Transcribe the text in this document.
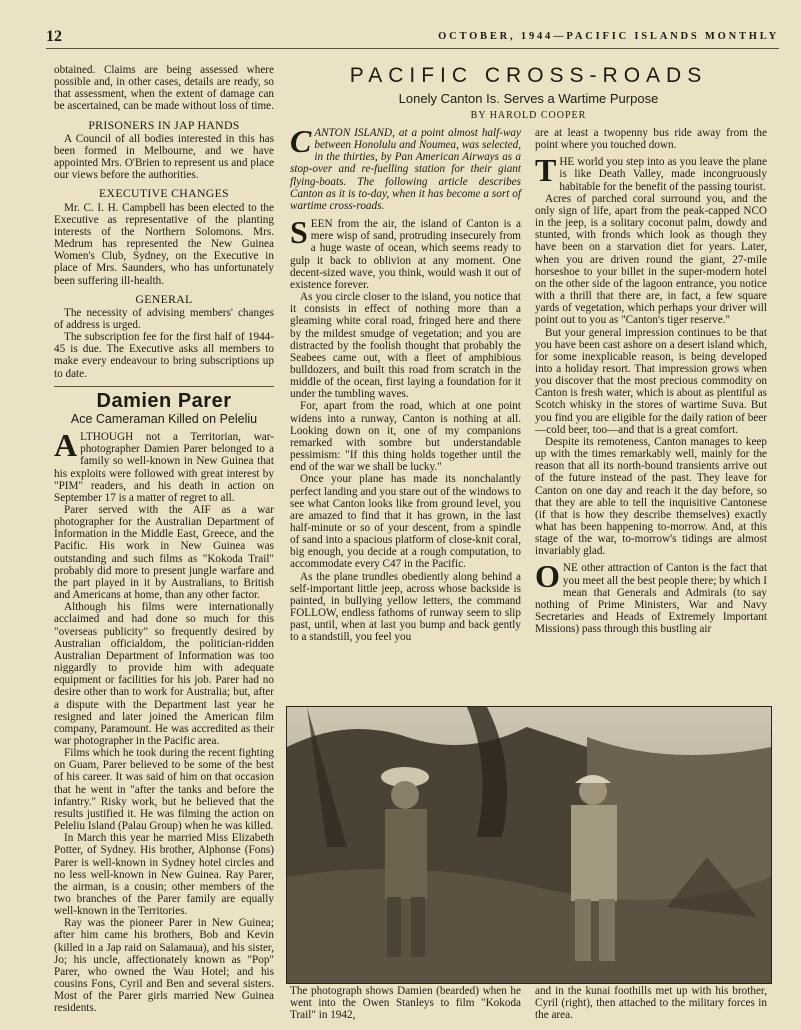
12	OCTOBER, 1944—PACIFIC ISLANDS MONTHLY

obtained. Claims are being assessed where possible and, in other cases, details are ready, so that assessment, when the extent of damage can be ascertained, can be made without loss of time.

PRISONERS IN JAP HANDS

A Council of all bodies interested in this has been formed in Melbourne, and we have appointed Mrs. O'Brien to represent us and place our views before the authorities.

EXECUTIVE CHANGES

Mr. C. I. H. Campbell has been elected to the Executive as representative of the planting interests of the Northern Solomons. Mrs. Medrum has represented the New Guinea Women's Club, Sydney, on the Executive in place of Mrs. Saunders, who has unfortunately been suffering ill-health.

GENERAL

The necessity of advising members' changes of address is urged.

The subscription fee for the first half of 1944-45 is due. The Executive asks all members to make every endeavour to bring subscriptions up to date.

Damien Parer
Ace Cameraman Killed on Peleliu

ALTHOUGH not a Territorian, war-photographer Damien Parer belonged to a family so well-known in New Guinea that his exploits were followed with great interest by "PIM" readers, and his death in action on September 17 is a matter of regret to all.

Parer served with the AIF as a war photographer for the Australian Department of Information in the Middle East, Greece, and the Pacific. His work in New Guinea was outstanding and such films as "Kokoda Trail" probably did more to present jungle warfare and the part played in it by Australians, to British and Americans at home, than any other factor.

Although his films were internationally acclaimed and had done so much for this "overseas publicity" so frequently desired by Australian officialdom, the politician-ridden Australian Department of Information was too niggardly to provide him with adequate equipment or facilities for his job. Parer had no desire other than to work for Australia; but, after a dispute with the Department last year he resigned and later joined the American film company, Paramount. He was accredited as their war photographer in the Pacific area.

Films which he took during the recent fighting on Guam, Parer believed to be some of the best of his career. It was said of him on that occasion that he went in "after the tanks and before the infantry." Risky work, but he believed that the results justified it. He was filming the action on Peleliu Island (Palau Group) when he was killed.

In March this year he married Miss Elizabeth Potter, of Sydney. His brother, Alphonse (Fons) Parer is well-known in Sydney hotel circles and no less well-known in New Guinea. Ray Parer, the airman, is a cousin; other members of the two branches of the Parer family are equally well-known in the Territories.

Ray was the pioneer Parer in New Guinea; after him came his brothers, Bob and Kevin (killed in a Jap raid on Salamaua), and his sister, Jo; his uncle, affectionately known as "Pop" Parer, who owned the Wau Hotel; and his cousins Fons, Cyril and Ben and several sisters. Most of the Parer girls married New Guinea residents.

PACIFIC CROSS-ROADS
Lonely Canton Is. Serves a Wartime Purpose
BY HAROLD COOPER

CANTON ISLAND, at a point almost half-way between Honolulu and Noumea, was selected, in the thirties, by Pan American Airways as a stop-over and re-fuelling station for their giant flying-boats. The following article describes Canton as it is to-day, when it has become a sort of wartime cross-roads.

SEEN from the air, the island of Canton is a mere wisp of sand, protruding insecurely from a huge waste of ocean, which seems ready to gulp it back to oblivion at any moment. One decent-sized wave, you think, would wash it out of existence forever.

As you circle closer to the island, you notice that it consists in effect of nothing more than a gleaming white coral road, fringed here and there by the mildest smudge of vegetation; and you are distracted by the foolish thought that probably the Seabees came out, with a fleet of amphibious bulldozers, and built this road from scratch in the middle of the ocean, first laying a foundation for it under the tumbling waves.

For, apart from the road, which at one point widens into a runway, Canton is nothing at all. Looking down on it, one of my companions remarked with sombre but understandable pessimism: "If this thing holds together until the end of the war we shall be lucky."

Once your plane has made its nonchalantly perfect landing and you stare out of the windows to see what Canton looks like from ground level, you are amazed to find that it has grown, in the last half-minute or so of your descent, from a spindle of sand into a spacious platform of close-knit coral, big enough, you decide at a rough computation, to accommodate every C47 in the Pacific.

As the plane trundles obediently along behind a self-important little jeep, across whose backside is painted, in bullying yellow letters, the command FOLLOW, endless fathoms of runway seem to slip past, until, when at last you bump and back gently to a standstill, you feel you

are at least a twopenny bus ride away from the point where you touched down.

THE world you step into as you leave the plane is like Death Valley, made incongruously habitable for the benefit of the passing tourist.

Acres of parched coral surround you, and the only sign of life, apart from the peak-capped NCO in the jeep, is a solitary coconut palm, dowdy and stunted, with fronds which look as though they have been on a starvation diet for years. Later, when you are driven round the giant, 27-mile horseshoe to your billet in the super-modern hotel on the other side of the lagoon entrance, you notice with a thrill that there are, in fact, a few square yards of vegetation, which perhaps your driver will point out to you as "Canton's tiger reserve."

But your general impression continues to be that you have been cast ashore on a desert island which, for some inexplicable reason, is being developed into a holiday resort. That impression grows when you discover that the most precious commodity on Canton is fresh water, which is about as plentiful as Scotch whisky in the stores of wartime Suva. But you find you are eligible for the daily ration of beer—cold beer, too—and that is a great comfort.

Despite its remoteness, Canton manages to keep up with the times remarkably well, mainly for the reason that all its north-bound transients arrive out of the future instead of the past. They leave for Canton on one day and reach it the day before, so that they are able to tell the inquisitive Cantonese (if that is how they describe themselves) exactly what has been happening to-morrow. And, at this stage of the war, to-morrow's tidings are almost invariably glad.

ONE other attraction of Canton is the fact that you meet all the best people there; by which I mean that Generals and Admirals (to say nothing of Prime Ministers, War and Navy Secretaries and Heads of Extremely Important Missions) pass through this bustling air

The photograph shows Damien (bearded) when he went into the Owen Stanleys to film "Kokoda Trail" in 1942,
and in the kunai foothills met up with his brother, Cyril (right), then attached to the military forces in the area.
